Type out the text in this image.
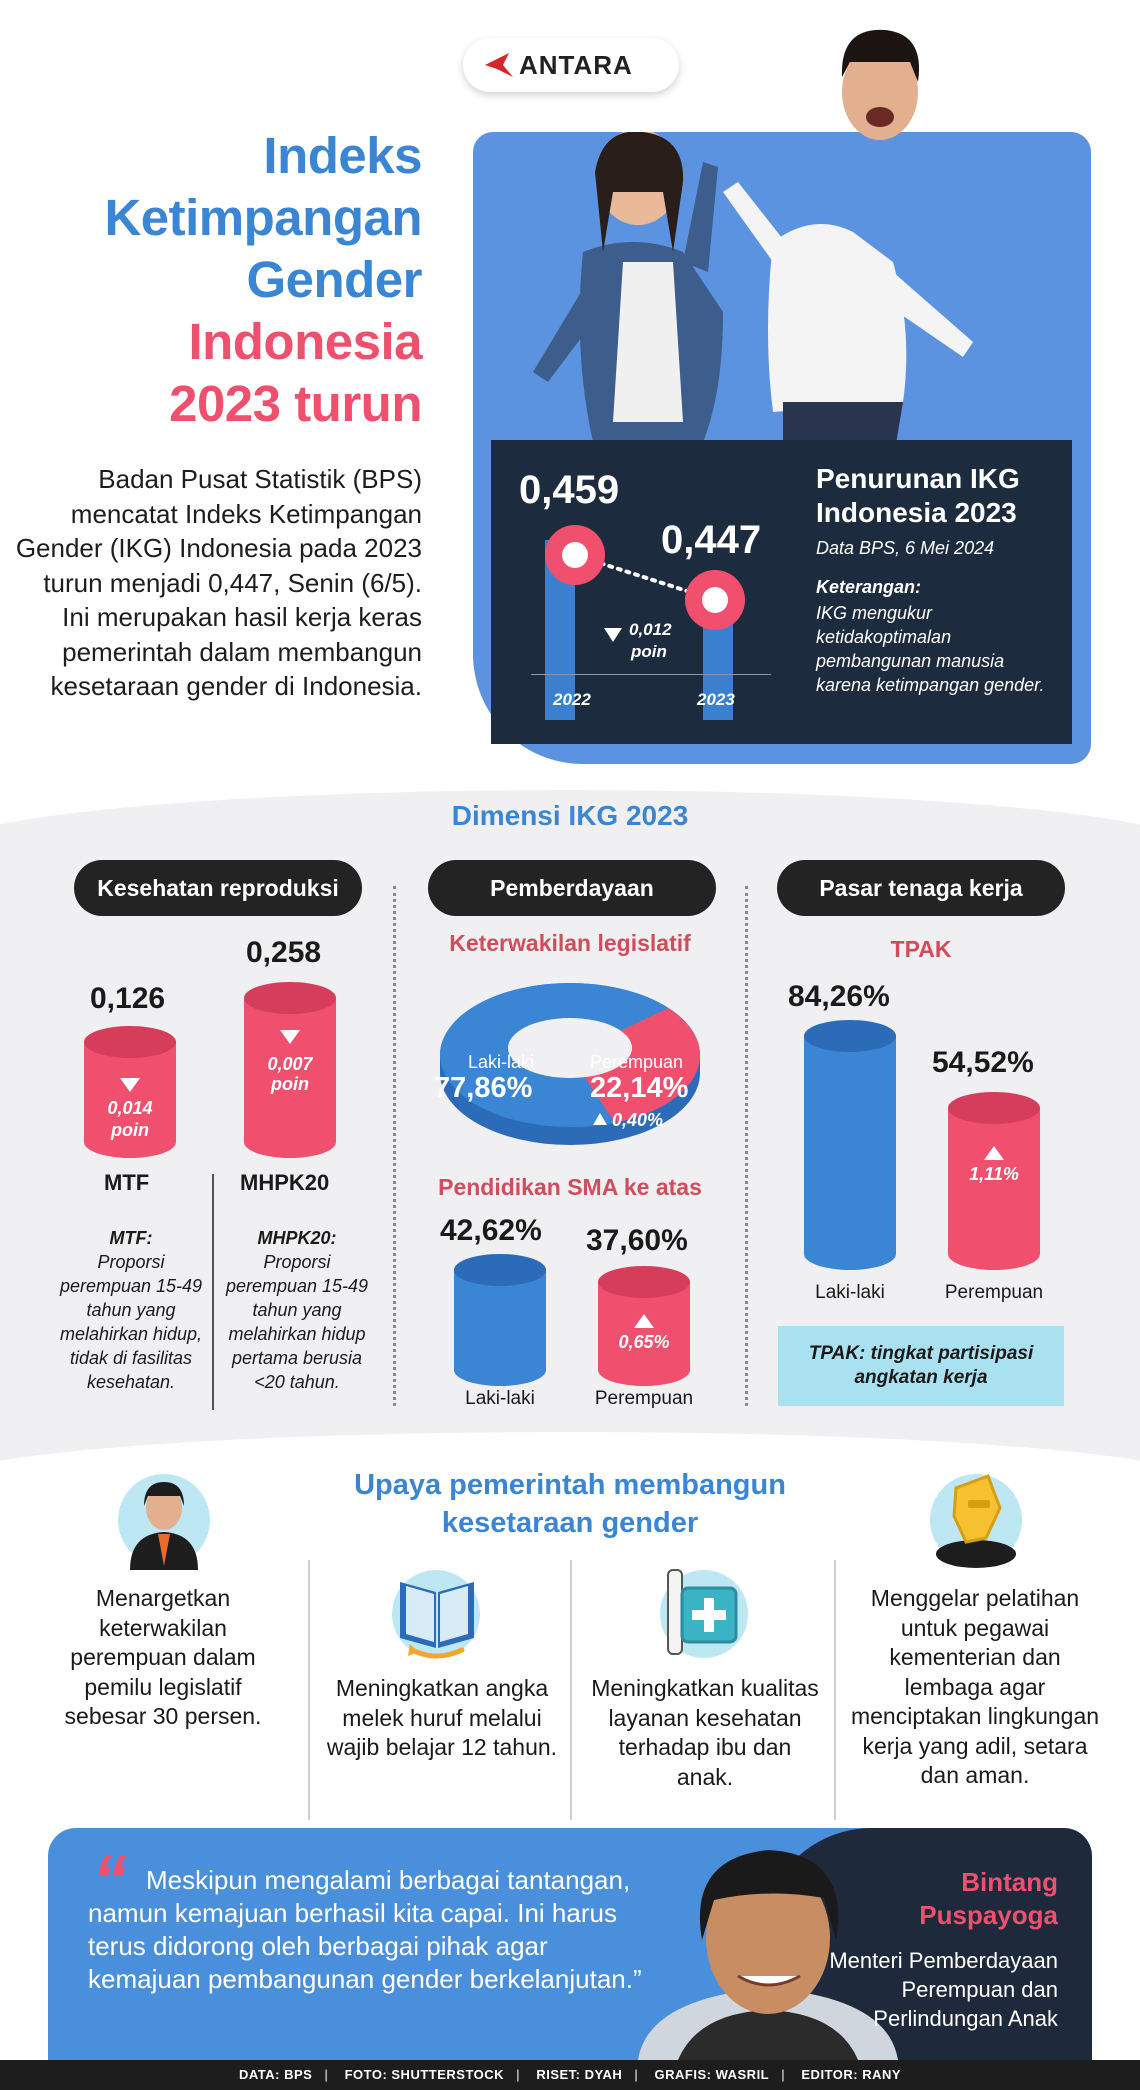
ANTARA
Indeks
Ketimpangan
Gender
Indonesia
2023 turun
Badan Pusat Statistik (BPS) mencatat Indeks Ketimpangan Gender (IKG) Indonesia pada 2023 turun menjadi 0,447, Senin (6/5). Ini merupakan hasil kerja keras pemerintah dalam membangun kesetaraan gender di Indonesia.
0,459
0,447
0,012
poin
2022	2023
Penurunan IKG Indonesia 2023
Data BPS, 6 Mei 2024
Keterangan:
IKG mengukur ketidakoptimalan pembangunan manusia karena ketimpangan gender.
Dimensi IKG 2023
Kesehatan reproduksi	Pemberdayaan	Pasar tenaga kerja
0,126
0,258
0,014
poin
0,007
poin
MTF	MHPK20
MTF:
Proporsi perempuan 15-49 tahun yang melahirkan hidup, tidak di fasilitas kesehatan.
MHPK20:
Proporsi perempuan 15-49 tahun yang melahirkan hidup pertama berusia <20 tahun.
Keterwakilan legislatif
Laki-laki
77,86%
Perempuan
22,14%
0,40%
Pendidikan SMA ke atas
42,62% 37,60%
0,65%
Laki-laki	Perempuan
TPAK
84,26%
54,52%
1,11%
Laki-laki	Perempuan
TPAK: tingkat partisipasi angkatan kerja
Upaya pemerintah membangun
kesetaraan gender
Menargetkan keterwakilan perempuan dalam pemilu legislatif sebesar 30 persen.
Meningkatkan angka melek huruf melalui wajib belajar 12 tahun.
Meningkatkan kualitas layanan kesehatan terhadap ibu dan anak.
Menggelar pelatihan untuk pegawai kementerian dan lembaga agar menciptakan lingkungan kerja yang adil, setara dan aman.
“ Meskipun mengalami berbagai tantangan, namun kemajuan berhasil kita capai. Ini harus terus didorong oleh berbagai pihak agar kemajuan pembangunan gender berkelanjutan.”
Bintang
Puspayoga
Menteri Pemberdayaan Perempuan dan Perlindungan Anak
DATA: BPS | FOTO: SHUTTERSTOCK | RISET: DYAH | GRAFIS: WASRIL | EDITOR: RANY
